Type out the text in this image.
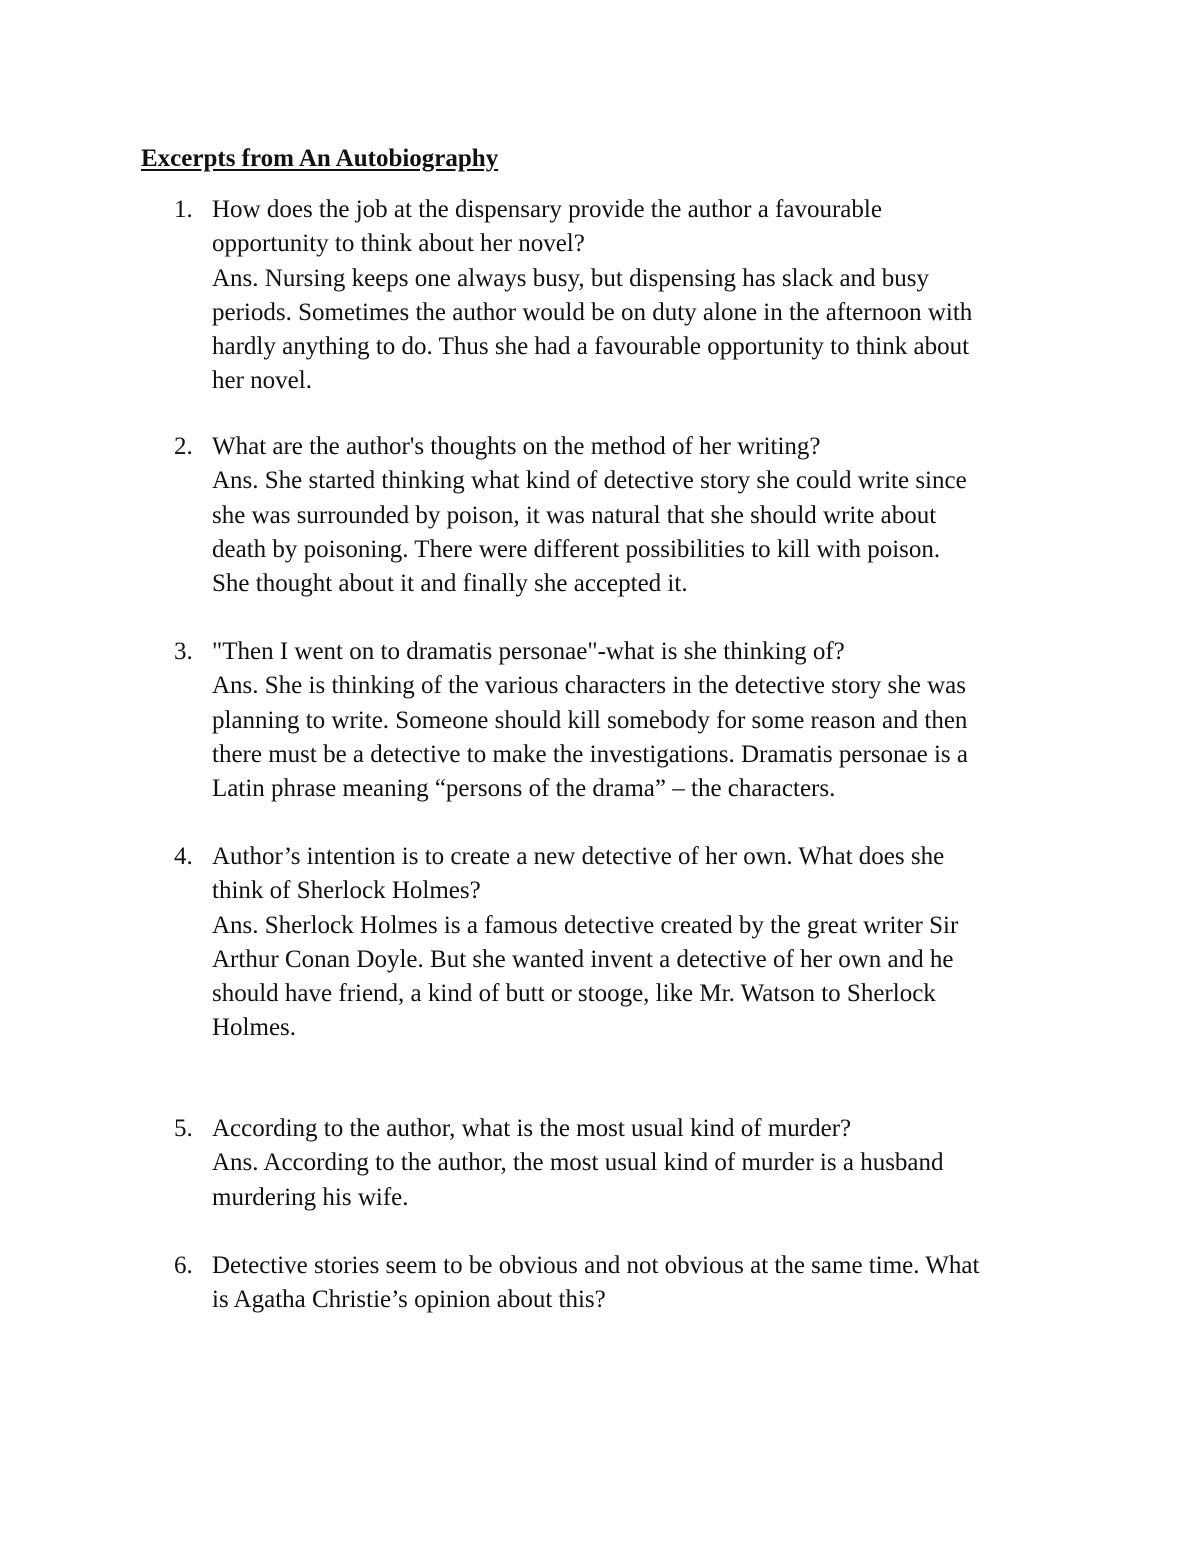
Excerpts from An Autobiography
1. How does the job at the dispensary provide the author a favourable
opportunity to think about her novel?
Ans. Nursing keeps one always busy, but dispensing has slack and busy
periods. Sometimes the author would be on duty alone in the afternoon with
hardly anything to do. Thus she had a favourable opportunity to think about
her novel.
2. What are the author's thoughts on the method of her writing?
Ans. She started thinking what kind of detective story she could write since
she was surrounded by poison, it was natural that she should write about
death by poisoning. There were different possibilities to kill with poison.
She thought about it and finally she accepted it.
3. "Then I went on to dramatis personae"-what is she thinking of?
Ans. She is thinking of the various characters in the detective story she was
planning to write. Someone should kill somebody for some reason and then
there must be a detective to make the investigations. Dramatis personae is a
Latin phrase meaning “persons of the drama” – the characters.
4. Author’s intention is to create a new detective of her own. What does she
think of Sherlock Holmes?
Ans. Sherlock Holmes is a famous detective created by the great writer Sir
Arthur Conan Doyle. But she wanted invent a detective of her own and he
should have friend, a kind of butt or stooge, like Mr. Watson to Sherlock
Holmes.
5. According to the author, what is the most usual kind of murder?
Ans. According to the author, the most usual kind of murder is a husband
murdering his wife.
6. Detective stories seem to be obvious and not obvious at the same time. What
is Agatha Christie’s opinion about this?
